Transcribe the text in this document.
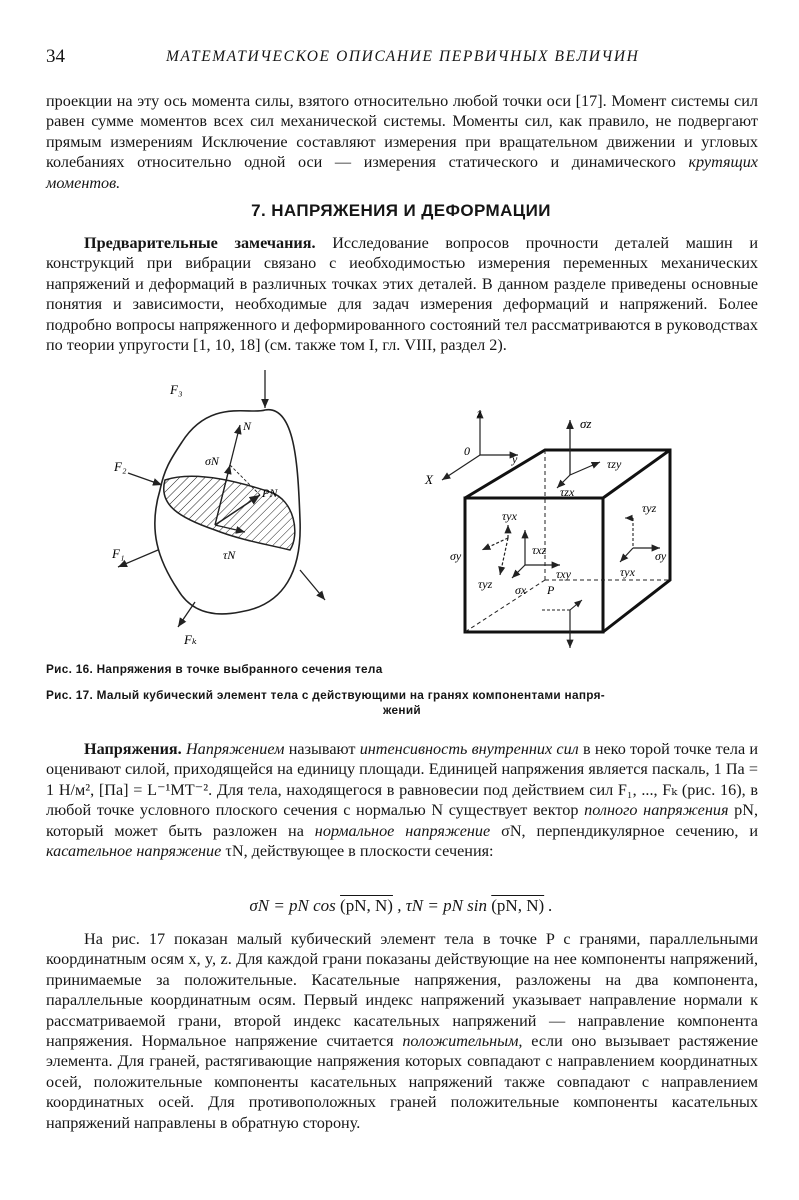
34	МАТЕМАТИЧЕСКОЕ ОПИСАНИЕ ПЕРВИЧНЫХ ВЕЛИЧИН
проекции на эту ось момента силы, взятого относительно любой точки оси [17]. Момент системы сил равен сумме моментов всех сил механической системы. Моменты сил, как правило, не подвергают прямым измерениям Исключение составляют измерения при вращательном движении и угловых колебаниях относительно одной оси — измерения статического и динамического крутящих моментов.
7. НАПРЯЖЕНИЯ И ДЕФОРМАЦИИ
Предварительные замечания. Исследование вопросов прочности деталей машин и конструкций при вибрации связано с иеобходимостью измерения переменных механических напряжений и деформаций в различных точках этих деталей. В данном разделе приведены основные понятия и зависимости, необходимые для задач измерения деформаций и напряжений. Более подробно вопросы напряженного и деформированного состояний тел рассматриваются в руководствах по теории упругости [1, 10, 18] (см. также том I, гл. VIII, раздел 2).
F₃
F₂
F₁
Fₖ
N
σN
PN
τN
z
y
X
0
σz
τzy
τzx
τyx
τxz
σy
τyz σx
τxy
P
τyz
σy
τyx
Рис. 16. Напряжения в точке выбранного сечения тела
Рис. 17. Малый кубический элемент тела с действующими на гранях компонентами напря-
жений
Напряжения. Напряжением называют интенсивность внутренних сил в неко торой точке тела и оценивают силой, приходящейся на единицу площади. Единицей напряжения является паскаль, 1 Па = 1 Н/м², [Па] = L⁻¹MT⁻². Для тела, находящегося в равновесии под действием сил F₁, ..., Fₖ (рис. 16), в любой точке условного плоского сечения с нормалью N существует вектор полного напряжения pN, который может быть разложен на нормальное напряжение σN, перпендикулярное сечению, и касательное напряжение τN, действующее в плоскости сечения:
σN = pN cos (pN, N) , τN = pN sin (pN, N) .
На рис. 17 показан малый кубический элемент тела в точке P с гранями, параллельными координатным осям x, y, z. Для каждой грани показаны действующие на нее компоненты напряжений, принимаемые за положительные. Касательные напряжения, разложены на два компонента, параллельные координатным осям. Первый индекс напряжений указывает направление нормали к рассматриваемой грани, второй индекс касательных напряжений — направление компонента напряжения. Нормальное напряжение считается положительным, если оно вызывает растяжение элемента. Для граней, растягивающие напряжения которых совпадают с направлением координатных осей, положительные компоненты касательных напряжений также совпадают с направлением координатных осей. Для противоположных граней положительные компоненты касательных напряжений направлены в обратную сторону.
